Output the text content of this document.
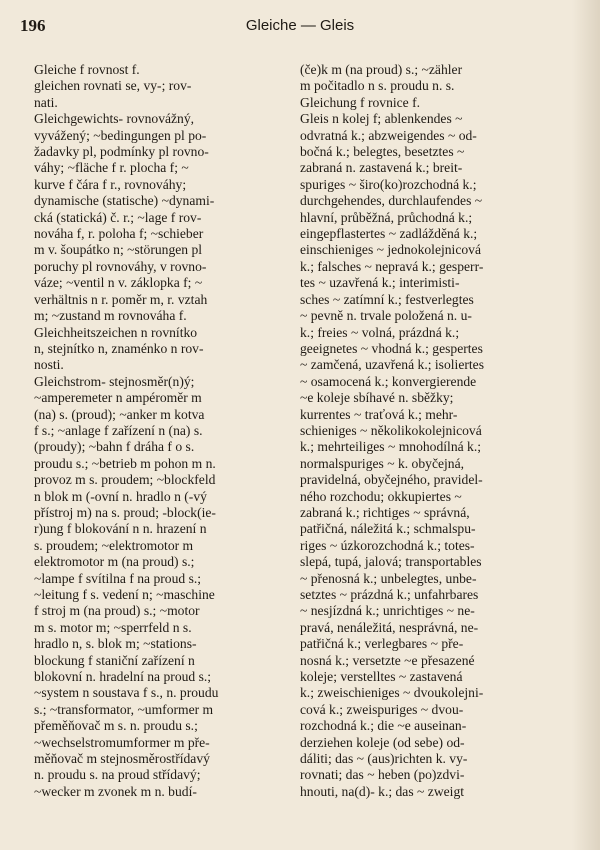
196	Gleiche — Gleis
Gleiche f rovnost f.
gleichen rovnati se, vy-; rov-
nati.
Gleichgewichts- rovnovážný,
vyvážený; ~bedingungen pl po-
žadavky pl, podmínky pl rovno-
váhy; ~fläche f r. plocha f; ~
kurve f čára f r., rovnováhy;
dynamische (statische) ~dynami-
cká (statická) č. r.; ~lage f rov-
nováha f, r. poloha f; ~schieber
m v. šoupátko n; ~störungen pl
poruchy pl rovnováhy, v rovno-
váze; ~ventil n v. záklopka f; ~
verhältnis n r. poměr m, r. vztah
m; ~zustand m rovnováha f.
Gleichheitszeichen n rovnítko
n, stejnítko n, znaménko n rov-
nosti.
Gleichstrom- stejnosměr(n)ý;
~amperemeter n ampéroměr m
(na) s. (proud); ~anker m kotva
f s.; ~anlage f zařízení n (na) s.
(proudy); ~bahn f dráha f o s.
proudu s.; ~betrieb m pohon m n.
provoz m s. proudem; ~blockfeld
n blok m (-ovní n. hradlo n (-vý
přístroj m) na s. proud; -block(ie-
r)ung f blokování n n. hrazení n
s. proudem; ~elektromotor m
elektromotor m (na proud) s.;
~lampe f svítilna f na proud s.;
~leitung f s. vedení n; ~maschine
f stroj m (na proud) s.; ~motor
m s. motor m; ~sperrfeld n s.
hradlo n, s. blok m; ~stations-
blockung f staniční zařízení n
blokovní n. hradelní na proud s.;
~system n soustava f s., n. proudu
s.; ~transformator, ~umformer m
přeměňovač m s. n. proudu s.;
~wechselstromumformer m pře-
měňovač m stejnosměrostřídavý
n. proudu s. na proud střídavý;
~wecker m zvonek m n. budí-
(če)k m (na proud) s.; ~zähler
m počitadlo n s. proudu n. s.
Gleichung f rovnice f.
Gleis n kolej f; ablenkendes ~
odvratná k.; abzweigendes ~ od-
bočná k.; belegtes, besetztes ~
zabraná n. zastavená k.; breit-
spuriges ~ širo(ko)rozchodná k.;
durchgehendes, durchlaufendes ~
hlavní, průběžná, průchodná k.;
eingepflastertes ~ zadlážděná k.;
einschieniges ~ jednokolejnicová
k.; falsches ~ nepravá k.; gesperr-
tes ~ uzavřená k.; interimisti-
sches ~ zatímní k.; festverlegtes
~ pevně n. trvale položená n. u-
k.; freies ~ volná, prázdná k.;
geeignetes ~ vhodná k.; gespertes
~ zamčená, uzavřená k.; isoliertes
~ osamocená k.; konvergierende
~e koleje sbíhavé n. sběžky;
kurrentes ~ traťová k.; mehr-
schieniges ~ několikokolejnicová
k.; mehrteiliges ~ mnohodílná k.;
normalspuriges ~ k. obyčejná,
pravidelná, obyčejného, pravidel-
ného rozchodu; okkupiertes ~
zabraná k.; richtiges ~ správná,
patřičná, náležitá k.; schmalspu-
riges ~ úzkorozchodná k.; totes-
slepá, tupá, jalová; transportables
~ přenosná k.; unbelegtes, unbe-
setztes ~ prázdná k.; unfahrbares
~ nesjízdná k.; unrichtiges ~ ne-
pravá, nenáležitá, nesprávná, ne-
patřičná k.; verlegbares ~ pře-
nosná k.; versetzte ~e přesazené
koleje; verstelltes ~ zastavená
k.; zweischieniges ~ dvoukolejni-
cová k.; zweispuriges ~ dvou-
rozchodná k.; die ~e auseinan-
derziehen koleje (od sebe) od-
dáliti; das ~ (aus)richten k. vy-
rovnati; das ~ heben (po)zdvi-
hnouti, na(d)- k.; das ~ zweigt
